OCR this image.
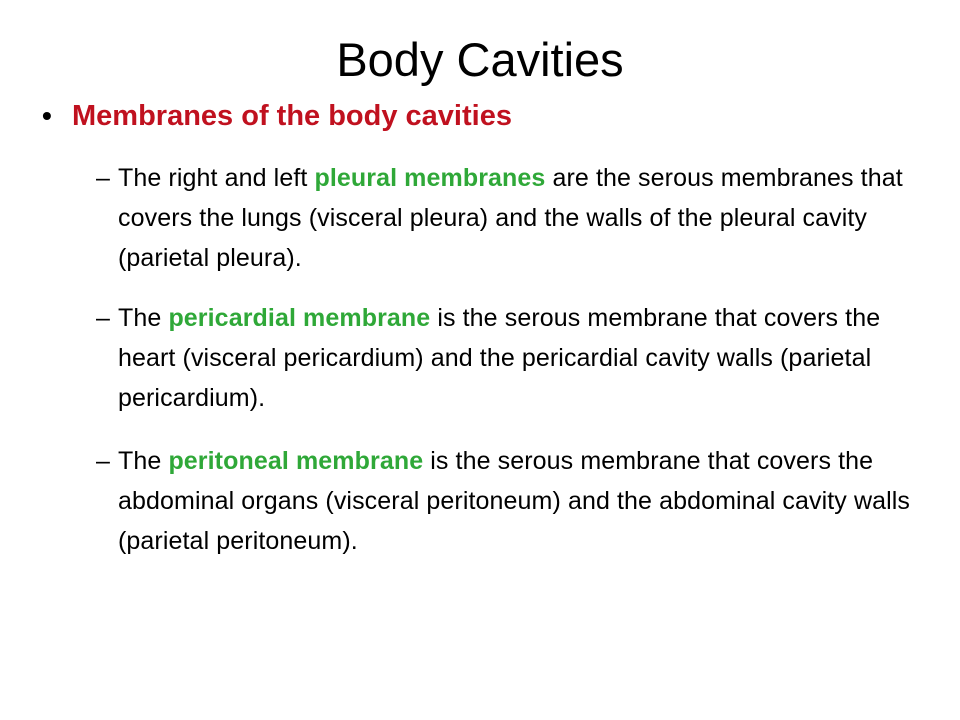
Body Cavities
• Membranes of the body cavities
– The right and left pleural membranes are the serous membranes that covers the lungs (visceral pleura) and the walls of the pleural cavity (parietal pleura).
– The pericardial membrane is the serous membrane that covers the heart (visceral pericardium) and the pericardial cavity walls (parietal pericardium).
– The peritoneal membrane is the serous membrane that covers the abdominal organs (visceral peritoneum) and the abdominal cavity walls (parietal peritoneum).
